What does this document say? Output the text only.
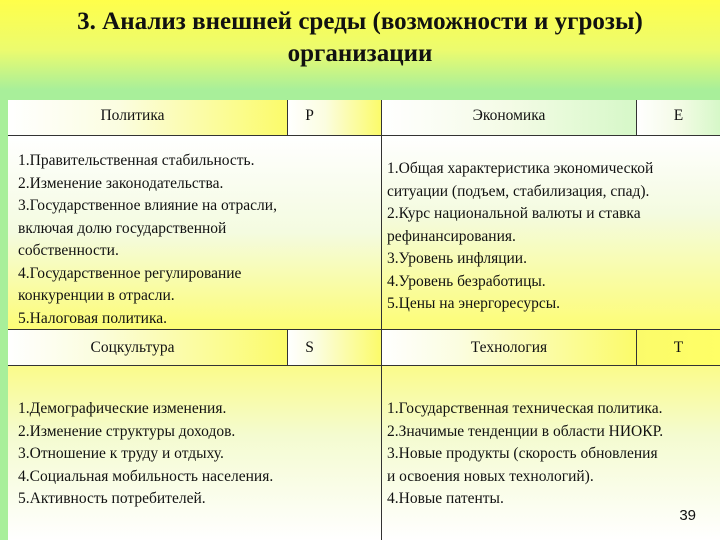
3. Анализ внешней среды (возможности и угрозы)
организации
Политика	P	Экономика	E
1.Правительственная стабильность.
2.Изменение законодательства.
3.Государственное влияние на отрасли,
включая долю государственной
собственности.
4.Государственное регулирование
конкуренции в отрасли.
5.Налоговая политика.
1.Общая характеристика экономической
ситуации (подъем, стабилизация, спад).
2.Курс национальной валюты и ставка
рефинансирования.
3.Уровень инфляции.
4.Уровень безработицы.
5.Цены на энергоресурсы.
Соцкультура	S	Технология	T
1.Демографические изменения.
2.Изменение структуры доходов.
3.Отношение к труду и отдыху.
4.Социальная мобильность населения.
5.Активность потребителей.
1.Государственная техническая политика.
2.Значимые тенденции в области НИОКР.
3.Новые продукты (скорость обновления
и освоения новых технологий).
4.Новые патенты.
39
